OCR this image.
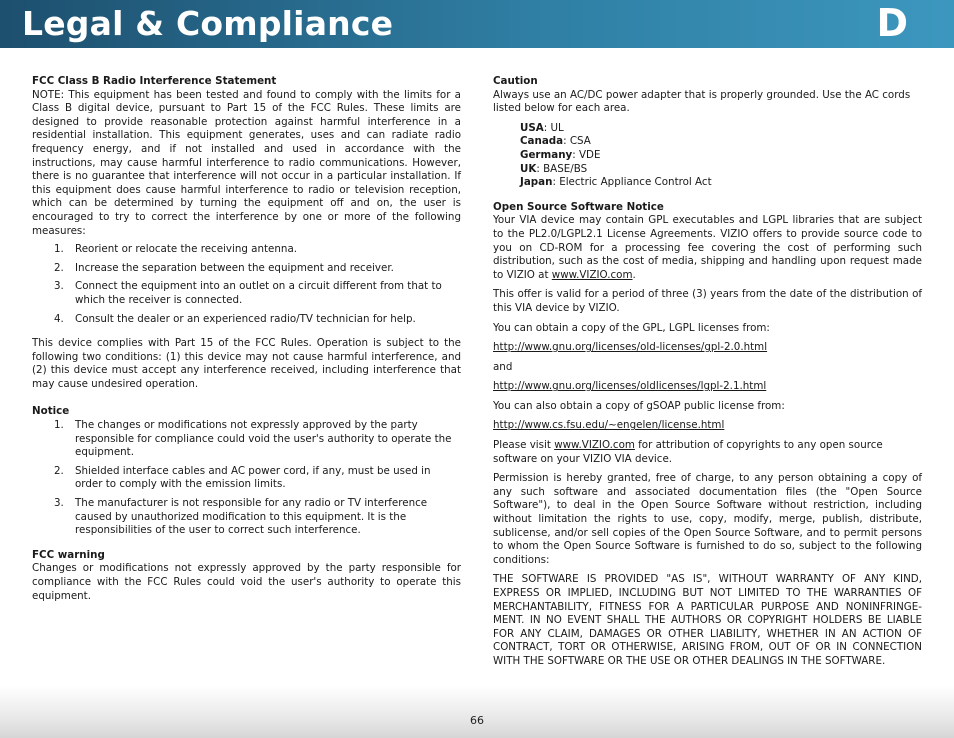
Legal & Compliance	D
FCC Class B Radio Interference Statement

NOTE: This equipment has been tested and found to comply with the limits for a Class B digital device, pursuant to Part 15 of the FCC Rules. These limits are designed to provide reasonable protection against harmful interference in a residential installation. This equipment generates, uses and can radiate radio frequency energy, and if not installed and used in accordance with the instructions, may cause harmful interference to radio communications. However, there is no guarantee that interference will not occur in a particular installation. If this equipment does cause harmful interference to radio or television reception, which can be determined by turning the equipment off and on, the user is encouraged to try to correct the interference by one or more of the following measures:

1. Reorient or relocate the receiving antenna.
2. Increase the separation between the equipment and receiver.
3. Connect the equipment into an outlet on a circuit different from that to which the receiver is connected.
4. Consult the dealer or an experienced radio/TV technician for help.

This device complies with Part 15 of the FCC Rules. Operation is subject to the following two conditions: (1) this device may not cause harmful interference, and (2) this device must accept any interference received, including interference that may cause undesired operation.

Notice
1. The changes or modifications not expressly approved by the party responsible for compliance could void the user's authority to operate the equipment.
2. Shielded interface cables and AC power cord, if any, must be used in order to comply with the emission limits.
3. The manufacturer is not responsible for any radio or TV interference caused by unauthorized modification to this equipment. It is the responsibilities of the user to correct such interference.
FCC warning

Changes or modifications not expressly approved by the party responsible for compliance with the FCC Rules could void the user's authority to operate this equipment.

Caution

Always use an AC/DC power adapter that is properly grounded. Use the AC cords listed below for each area.

USA: UL
Canada: CSA
Germany: VDE
UK: BASE/BS
Japan: Electric Appliance Control Act
Open Source Software Notice

Your VIA device may contain GPL executables and LGPL libraries that are subject to the PL2.0/LGPL2.1 License Agreements. VIZIO offers to provide source code to you on CD-ROM for a processing fee covering the cost of performing such distribution, such as the cost of media, shipping and handling upon request made to VIZIO at www.VIZIO.com.

This offer is valid for a period of three (3) years from the date of the distribution of this VIA device by VIZIO.

You can obtain a copy of the GPL, LGPL licenses from:

http://www.gnu.org/licenses/old-licenses/gpl-2.0.html

and

http://www.gnu.org/licenses/oldlicenses/lgpl-2.1.html

You can also obtain a copy of gSOAP public license from:

http://www.cs.fsu.edu/~engelen/license.html

Please visit www.VIZIO.com for attribution of copyrights to any open source software on your VIZIO VIA device.

Permission is hereby granted, free of charge, to any person obtaining a copy of any such software and associated documentation files (the "Open Source Software"), to deal in the Open Source Software without restriction, including without limitation the rights to use, copy, modify, merge, publish, distribute, sublicense, and/or sell copies of the Open Source Software, and to permit persons to whom the Open Source Software is furnished to do so, subject to the following conditions:

THE SOFTWARE IS PROVIDED "AS IS", WITHOUT WARRANTY OF ANY KIND, EXPRESS OR IMPLIED, INCLUDING BUT NOT LIMITED TO THE WARRANTIES OF MERCHANTABILITY, FITNESS FOR A PARTICULAR PURPOSE AND NONINFRINGE-MENT. IN NO EVENT SHALL THE AUTHORS OR COPYRIGHT HOLDERS BE LIABLE FOR ANY CLAIM, DAMAGES OR OTHER LIABILITY, WHETHER IN AN ACTION OF CONTRACT, TORT OR OTHERWISE, ARISING FROM, OUT OF OR IN CONNECTION WITH THE SOFTWARE OR THE USE OR OTHER DEALINGS IN THE SOFTWARE.

66
